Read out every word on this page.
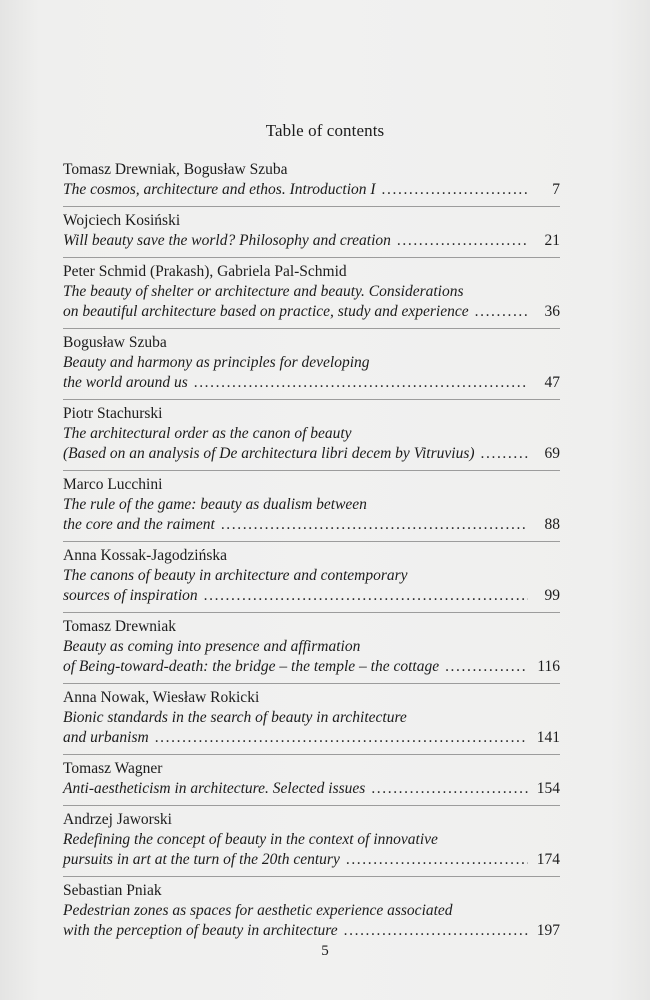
Table of contents
Tomasz Drewniak, Bogusław Szuba
The cosmos, architecture and ethos. Introduction I .....	7
Wojciech Kosiński
Will beauty save the world? Philosophy and creation .....	21
Peter Schmid (Prakash), Gabriela Pal-Schmid
The beauty of shelter or architecture and beauty. Considerations
on beautiful architecture based on practice, study and experience .....	36
Bogusław Szuba
Beauty and harmony as principles for developing
the world around us .....	47
Piotr Stachurski
The architectural order as the canon of beauty
(Based on an analysis of De architectura libri decem by Vitruvius) .....	69
Marco Lucchini
The rule of the game: beauty as dualism between
the core and the raiment .....	88
Anna Kossak-Jagodzińska
The canons of beauty in architecture and contemporary
sources of inspiration .....	99
Tomasz Drewniak
Beauty as coming into presence and affirmation
of Being-toward-death: the bridge – the temple – the cottage .....	116
Anna Nowak, Wiesław Rokicki
Bionic standards in the search of beauty in architecture
and urbanism .....	141
Tomasz Wagner
Anti-aestheticism in architecture. Selected issues .....	154
Andrzej Jaworski
Redefining the concept of beauty in the context of innovative
pursuits in art at the turn of the 20th century .....	174
Sebastian Pniak
Pedestrian zones as spaces for aesthetic experience associated
with the perception of beauty in architecture .....	197
5
